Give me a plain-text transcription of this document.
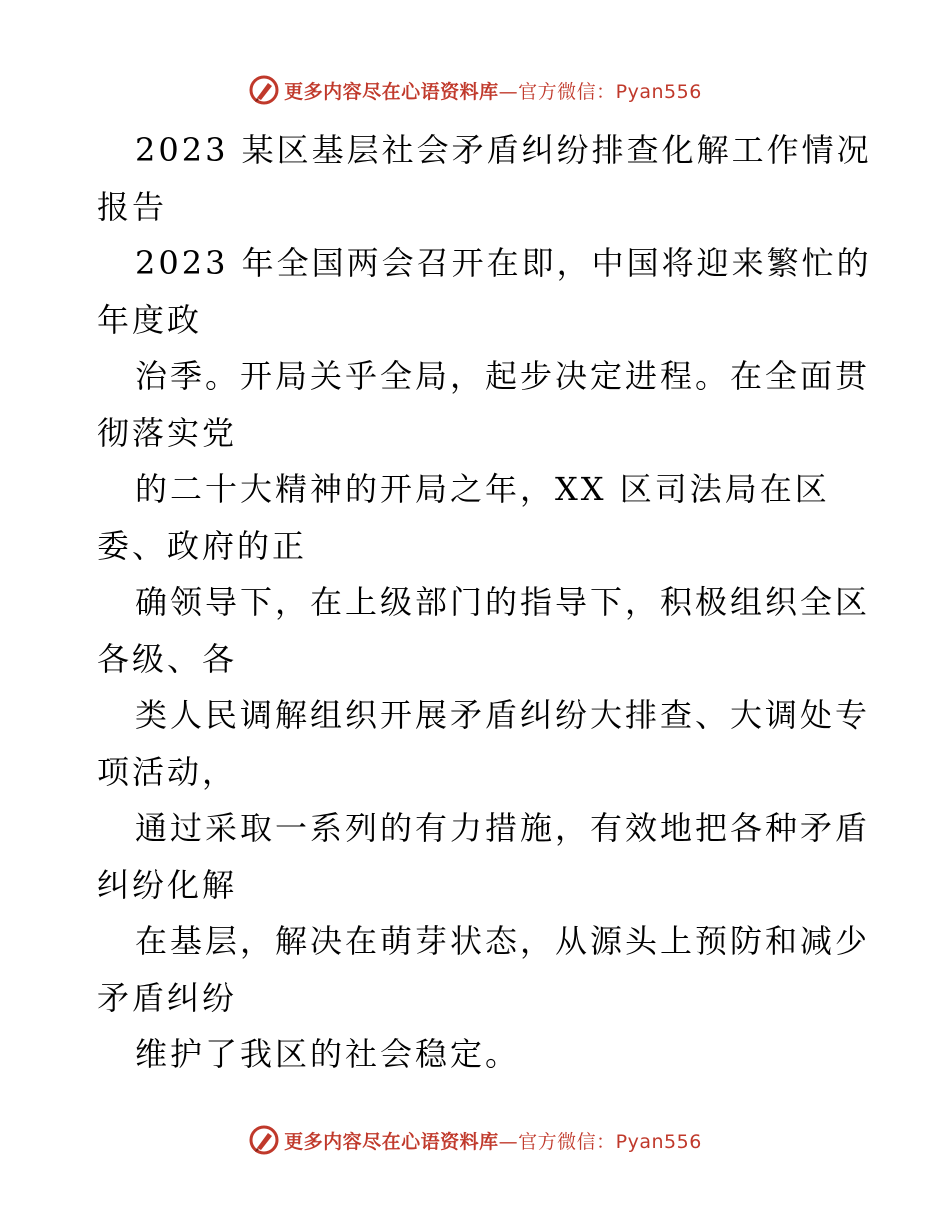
更多内容尽在心语资料库—官方微信：Pyan556
2023 某区基层社会矛盾纠纷排查化解工作情况
报告
2023 年全国两会召开在即，中国将迎来繁忙的
年度政
治季。开局关乎全局，起步决定进程。在全面贯
彻落实党
的二十大精神的开局之年，XX 区司法局在区
委、政府的正
确领导下，在上级部门的指导下，积极组织全区
各级、各
类人民调解组织开展矛盾纠纷大排查、大调处专
项活动，
通过采取一系列的有力措施，有效地把各种矛盾
纠纷化解
在基层，解决在萌芽状态，从源头上预防和减少
矛盾纠纷
维护了我区的社会稳定。
更多内容尽在心语资料库—官方微信：Pyan556
